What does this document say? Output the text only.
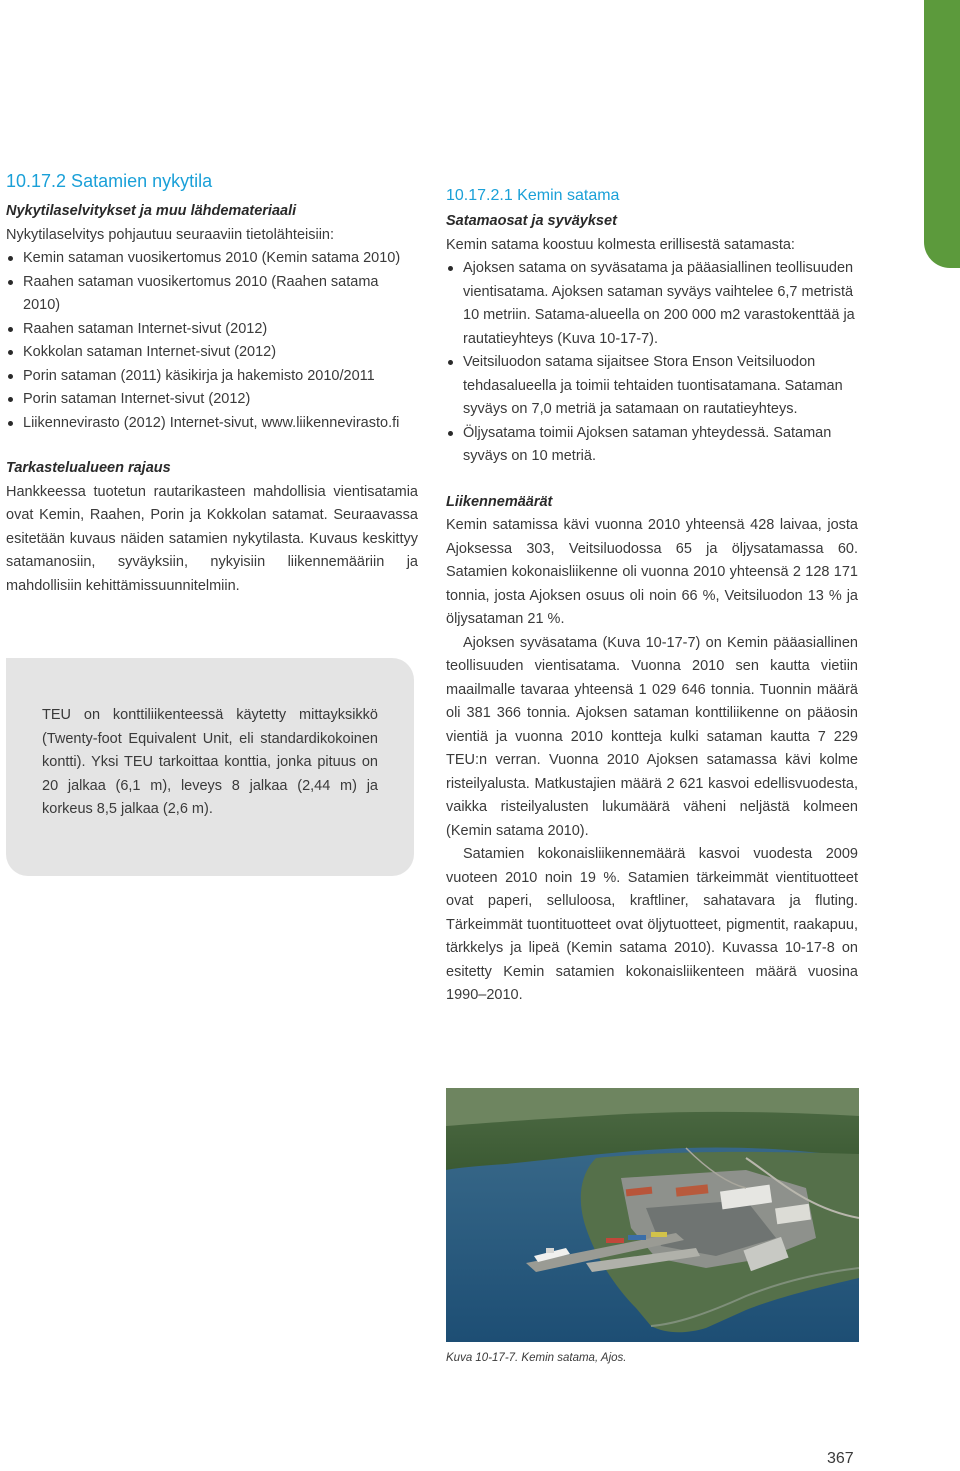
10.17.2 Satamien nykytila
Nykytilaselvitykset ja muu lähdemateriaali

Nykytilaselvitys pohjautuu seuraaviin tietolähteisiin:

Kemin sataman vuosikertomus 2010 (Kemin satama 2010)
Raahen sataman vuosikertomus 2010 (Raahen satama 2010)
Raahen sataman Internet-sivut (2012)
Kokkolan sataman Internet-sivut (2012)
Porin sataman (2011) käsikirja ja hakemisto 2010/2011
Porin sataman Internet-sivut (2012)
Liikennevirasto (2012) Internet-sivut, www.liikennevirasto.fi
Tarkastelualueen rajaus

Hankkeessa tuotetun rautarikasteen mahdollisia vientisatamia ovat Kemin, Raahen, Porin ja Kokkolan satamat. Seuraavassa esitetään kuvaus näiden satamien nykytilasta. Kuvaus keskittyy satamanosiin, syväyksiin, nykyisiin liikennemääriin ja mahdollisiin kehittämissuunnitelmiin.

TEU on konttiliikenteessä käytetty mittayksikkö (Twenty-foot Equivalent Unit, eli standardikokoinen kontti). Yksi TEU tarkoittaa konttia, jonka pituus on 20 jalkaa (6,1 m), leveys 8 jalkaa (2,44 m) ja korkeus 8,5 jalkaa (2,6 m).

10.17.2.1 Kemin satama
Satamaosat ja syväykset

Kemin satama koostuu kolmesta erillisestä satamasta:

Ajoksen satama on syväsatama ja pääasiallinen teollisuuden vientisatama. Ajoksen sataman syväys vaihtelee 6,7 metristä 10 metriin. Satama-alueella on 200 000 m2 varastokenttää ja rautatieyhteys (Kuva 10-17-7).
Veitsiluodon satama sijaitsee Stora Enson Veitsiluodon tehdasalueella ja toimii tehtaiden tuontisatamana. Sataman syväys on 7,0 metriä ja satamaan on rautatieyhteys.
Öljysatama toimii Ajoksen sataman yhteydessä. Sataman syväys on 10 metriä.
Liikennemäärät

Kemin satamissa kävi vuonna 2010 yhteensä 428 laivaa, josta Ajoksessa 303, Veitsiluodossa 65 ja öljysatamassa 60. Satamien kokonaisliikenne oli vuonna 2010 yhteensä 2 128 171 tonnia, josta Ajoksen osuus oli noin 66 %, Veitsiluodon 13 % ja öljysataman 21 %.

Ajoksen syväsatama (Kuva 10-17-7) on Kemin pääasiallinen teollisuuden vientisatama. Vuonna 2010 sen kautta vietiin maailmalle tavaraa yhteensä 1 029 646 tonnia. Tuonnin määrä oli 381 366 tonnia. Ajoksen sataman konttiliikenne on pääosin vientiä ja vuonna 2010 kontteja kulki sataman kautta 7 229 TEU:n verran. Vuonna 2010 Ajoksen satamassa kävi kolme risteilyalusta. Matkustajien määrä 2 621 kasvoi edellisvuodesta, vaikka risteilyalusten lukumäärä väheni neljästä kolmeen (Kemin satama 2010).

Satamien kokonaisliikennemäärä kasvoi vuodesta 2009 vuoteen 2010 noin 19 %. Satamien tärkeimmät vientituotteet ovat paperi, selluloosa, kraftliner, sahatavara ja fluting. Tärkeimmät tuontituotteet ovat öljytuotteet, pigmentit, raakapuu, tärkkelys ja lipeä (Kemin satama 2010). Kuvassa 10-17-8 on esitetty Kemin satamien kokonaisliikenteen määrä vuosina 1990–2010.

Kuva 10-17-7. Kemin satama, Ajos.
367
